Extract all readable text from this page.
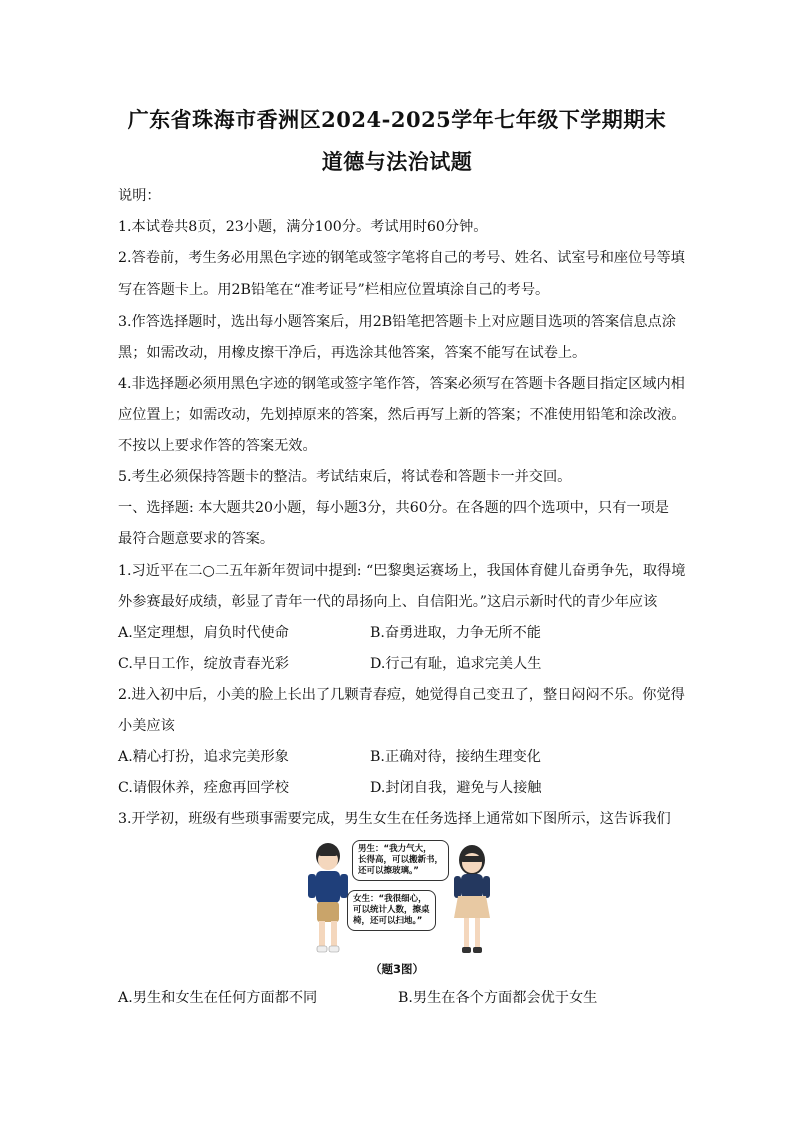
广东省珠海市香洲区2024-2025学年七年级下学期期末
道德与法治试题
说明：
1.本试卷共8页，23小题，满分100分。考试用时60分钟。
2.答卷前，考生务必用黑色字迹的钢笔或签字笔将自己的考号、姓名、试室号和座位号等填
写在答题卡上。用2B铅笔在“准考证号”栏相应位置填涂自己的考号。
3.作答选择题时，选出每小题答案后，用2B铅笔把答题卡上对应题目选项的答案信息点涂
黑；如需改动，用橡皮擦干净后，再选涂其他答案，答案不能写在试卷上。
4.非选择题必须用黑色字迹的钢笔或签字笔作答，答案必须写在答题卡各题目指定区域内相
应位置上；如需改动，先划掉原来的答案，然后再写上新的答案；不准使用铅笔和涂改液。
不按以上要求作答的答案无效。
5.考生必须保持答题卡的整洁。考试结束后，将试卷和答题卡一并交回。
一、选择题: 本大题共20小题，每小题3分，共60分。在各题的四个选项中，只有一项是
最符合题意要求的答案。
1.习近平在二○二五年新年贺词中提到: “巴黎奥运赛场上，我国体育健儿奋勇争先，取得境
外参赛最好成绩，彰显了青年一代的昂扬向上、自信阳光。”这启示新时代的青少年应该
A.坚定理想，肩负时代使命	B.奋勇进取，力争无所不能
C.早日工作，绽放青春光彩	D.行己有耻，追求完美人生
2.进入初中后，小美的脸上长出了几颗青春痘，她觉得自己变丑了，整日闷闷不乐。你觉得
小美应该
A.精心打扮，追求完美形象	B.正确对待，接纳生理变化
C.请假休养，痊愈再回学校	D.封闭自我，避免与人接触
3.开学初，班级有些琐事需要完成，男生女生在任务选择上通常如下图所示，这告诉我们
男生：“我力气大，
长得高，可以搬新书，
还可以擦玻璃。”
女生：“我很细心，
可以统计人数，擦桌
椅，还可以扫地。”
（题3图）
A.男生和女生在任何方面都不同	B.男生在各个方面都会优于女生
